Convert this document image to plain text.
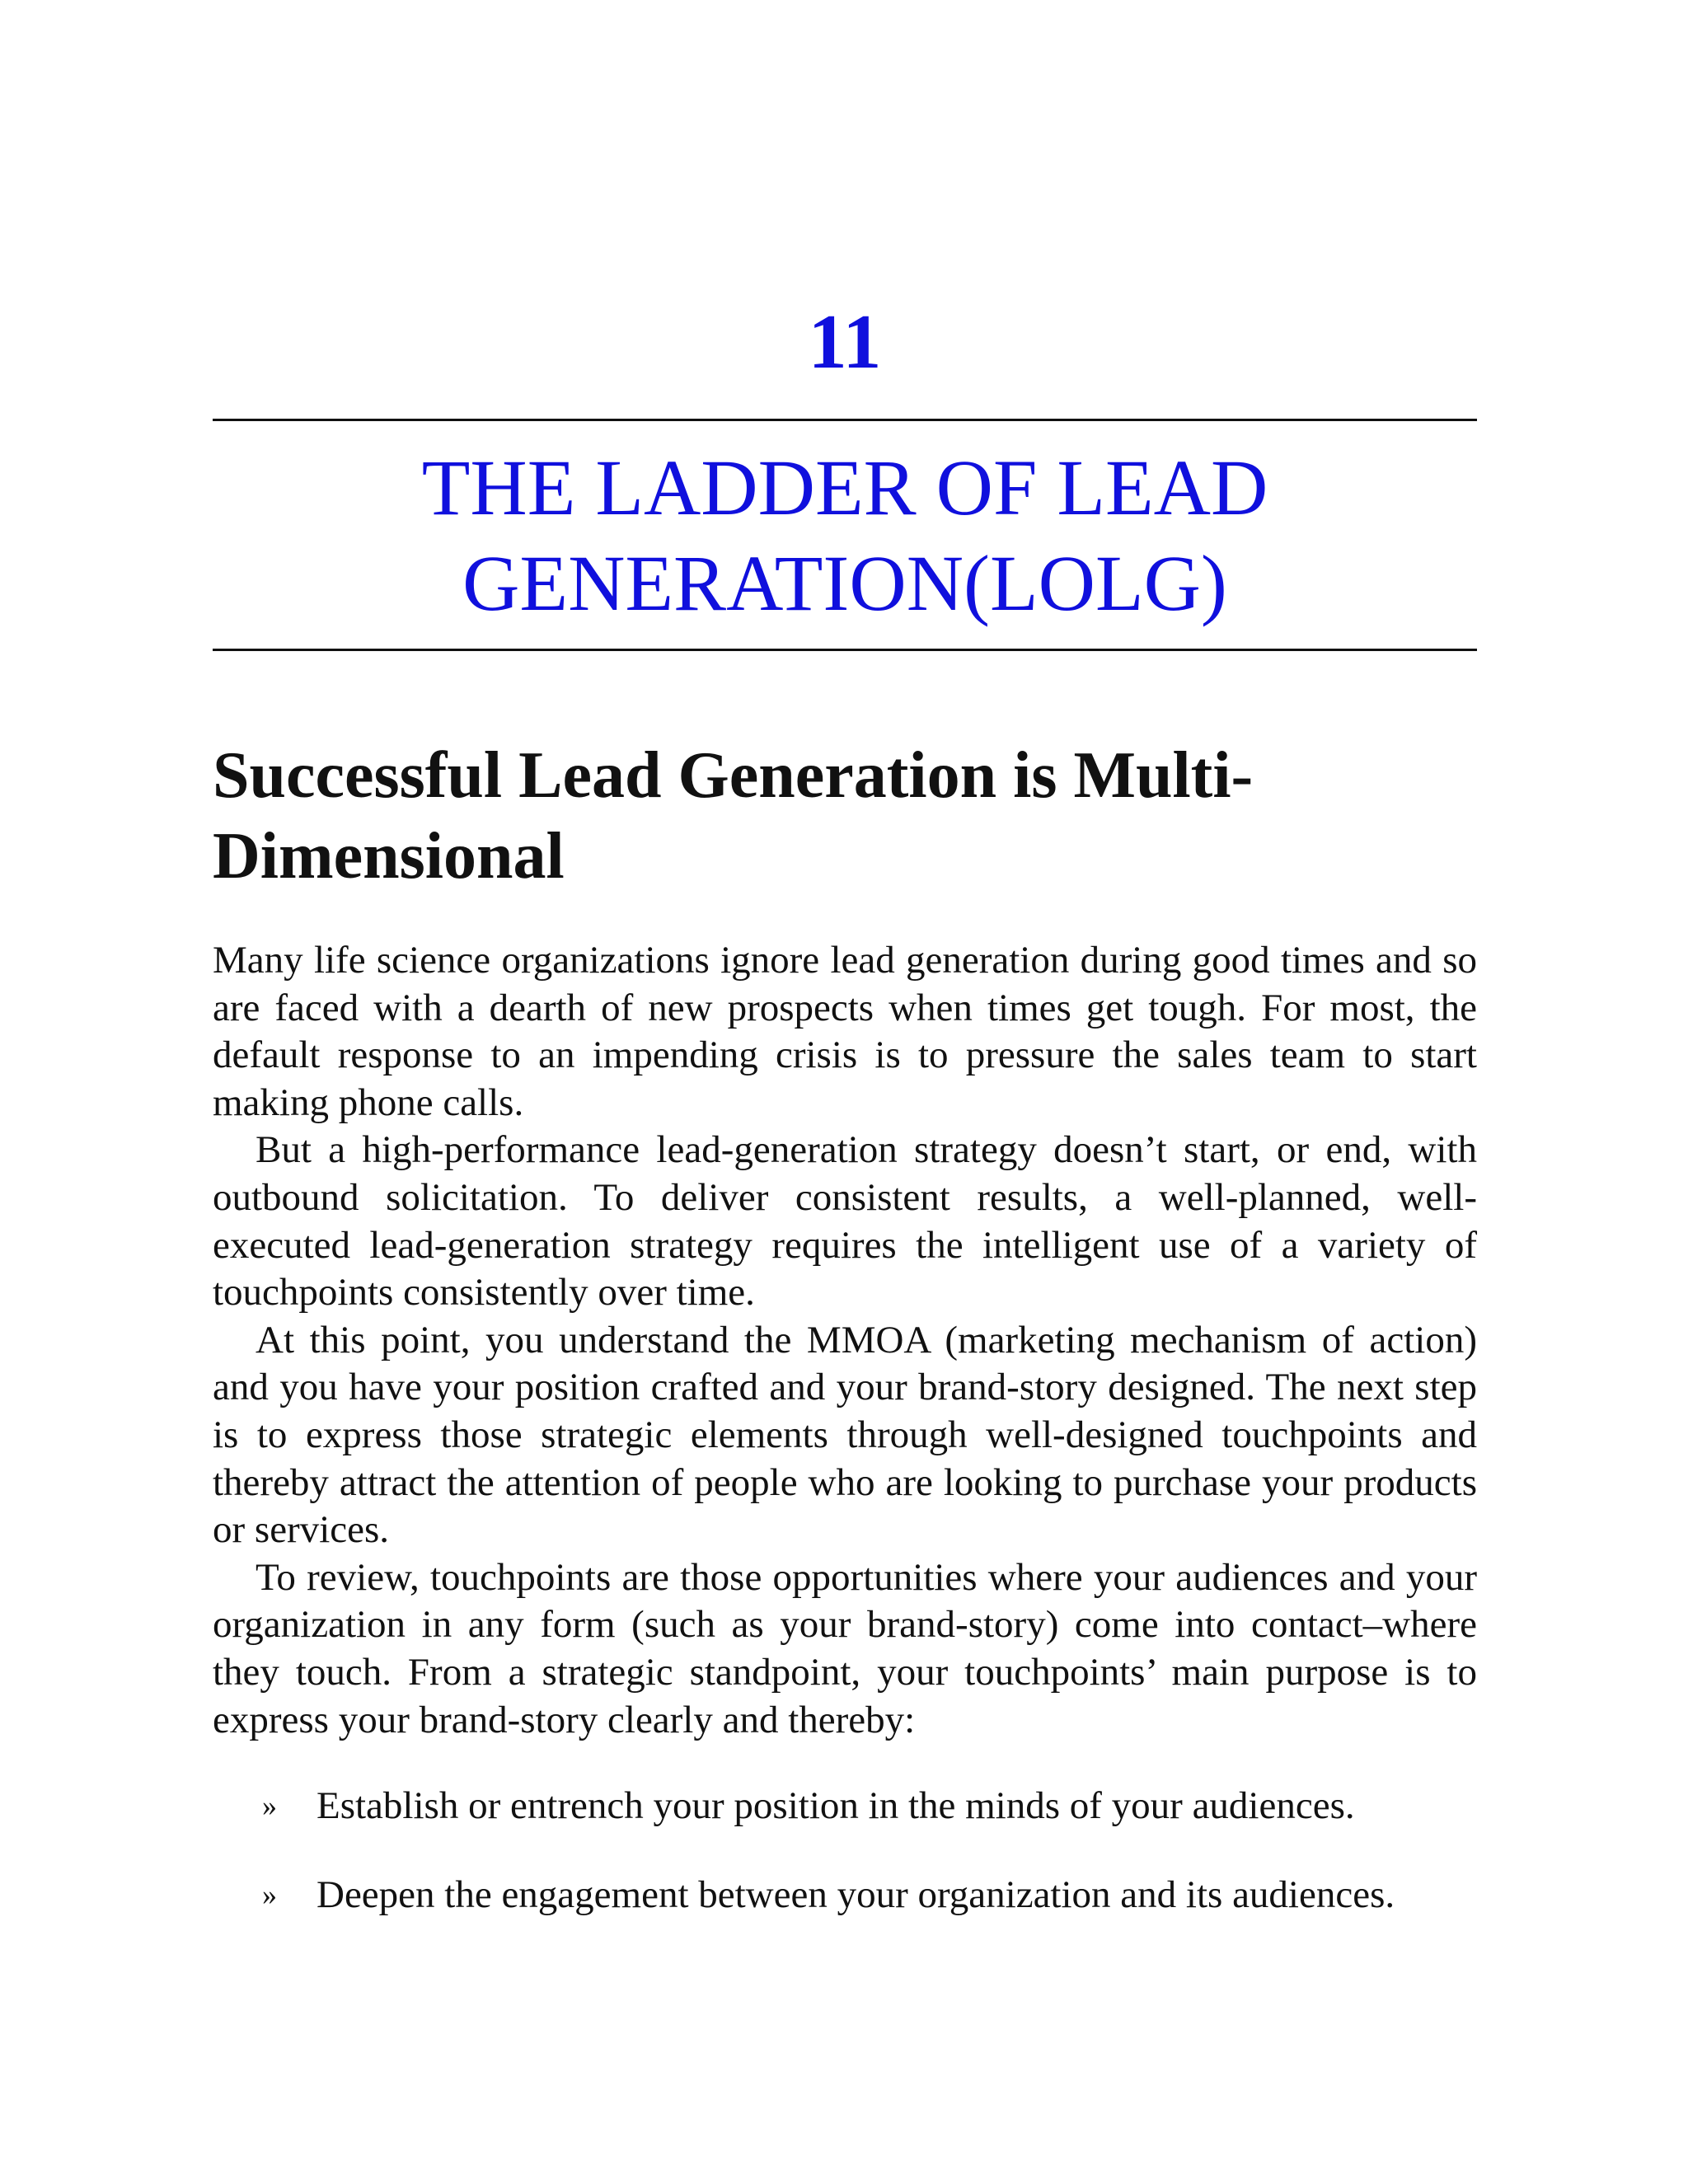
11
THE LADDER OF LEAD
GENERATION(LOLG)
Successful Lead Generation is Multi-
Dimensional

Many life science organizations ignore lead generation during good times and so are faced with a dearth of new prospects when times get tough. For most, the default response to an impending crisis is to pressure the sales team to start making phone calls.

But a high-performance lead-generation strategy doesn’t start, or end, with outbound solicitation. To deliver consistent results, a well-planned, well-executed lead-generation strategy requires the intelligent use of a variety of touchpoints consistently over time.

At this point, you understand the MMOA (marketing mechanism of action) and you have your position crafted and your brand-story designed. The next step is to express those strategic elements through well-designed touchpoints and thereby attract the attention of people who are looking to purchase your products or services.

To review, touchpoints are those opportunities where your audiences and your organization in any form (such as your brand-story) come into contact–where they touch. From a strategic standpoint, your touchpoints’ main purpose is to express your brand-story clearly and thereby:

» Establish or entrench your position in the minds of your audiences.
» Deepen the engagement between your organization and its audiences.
